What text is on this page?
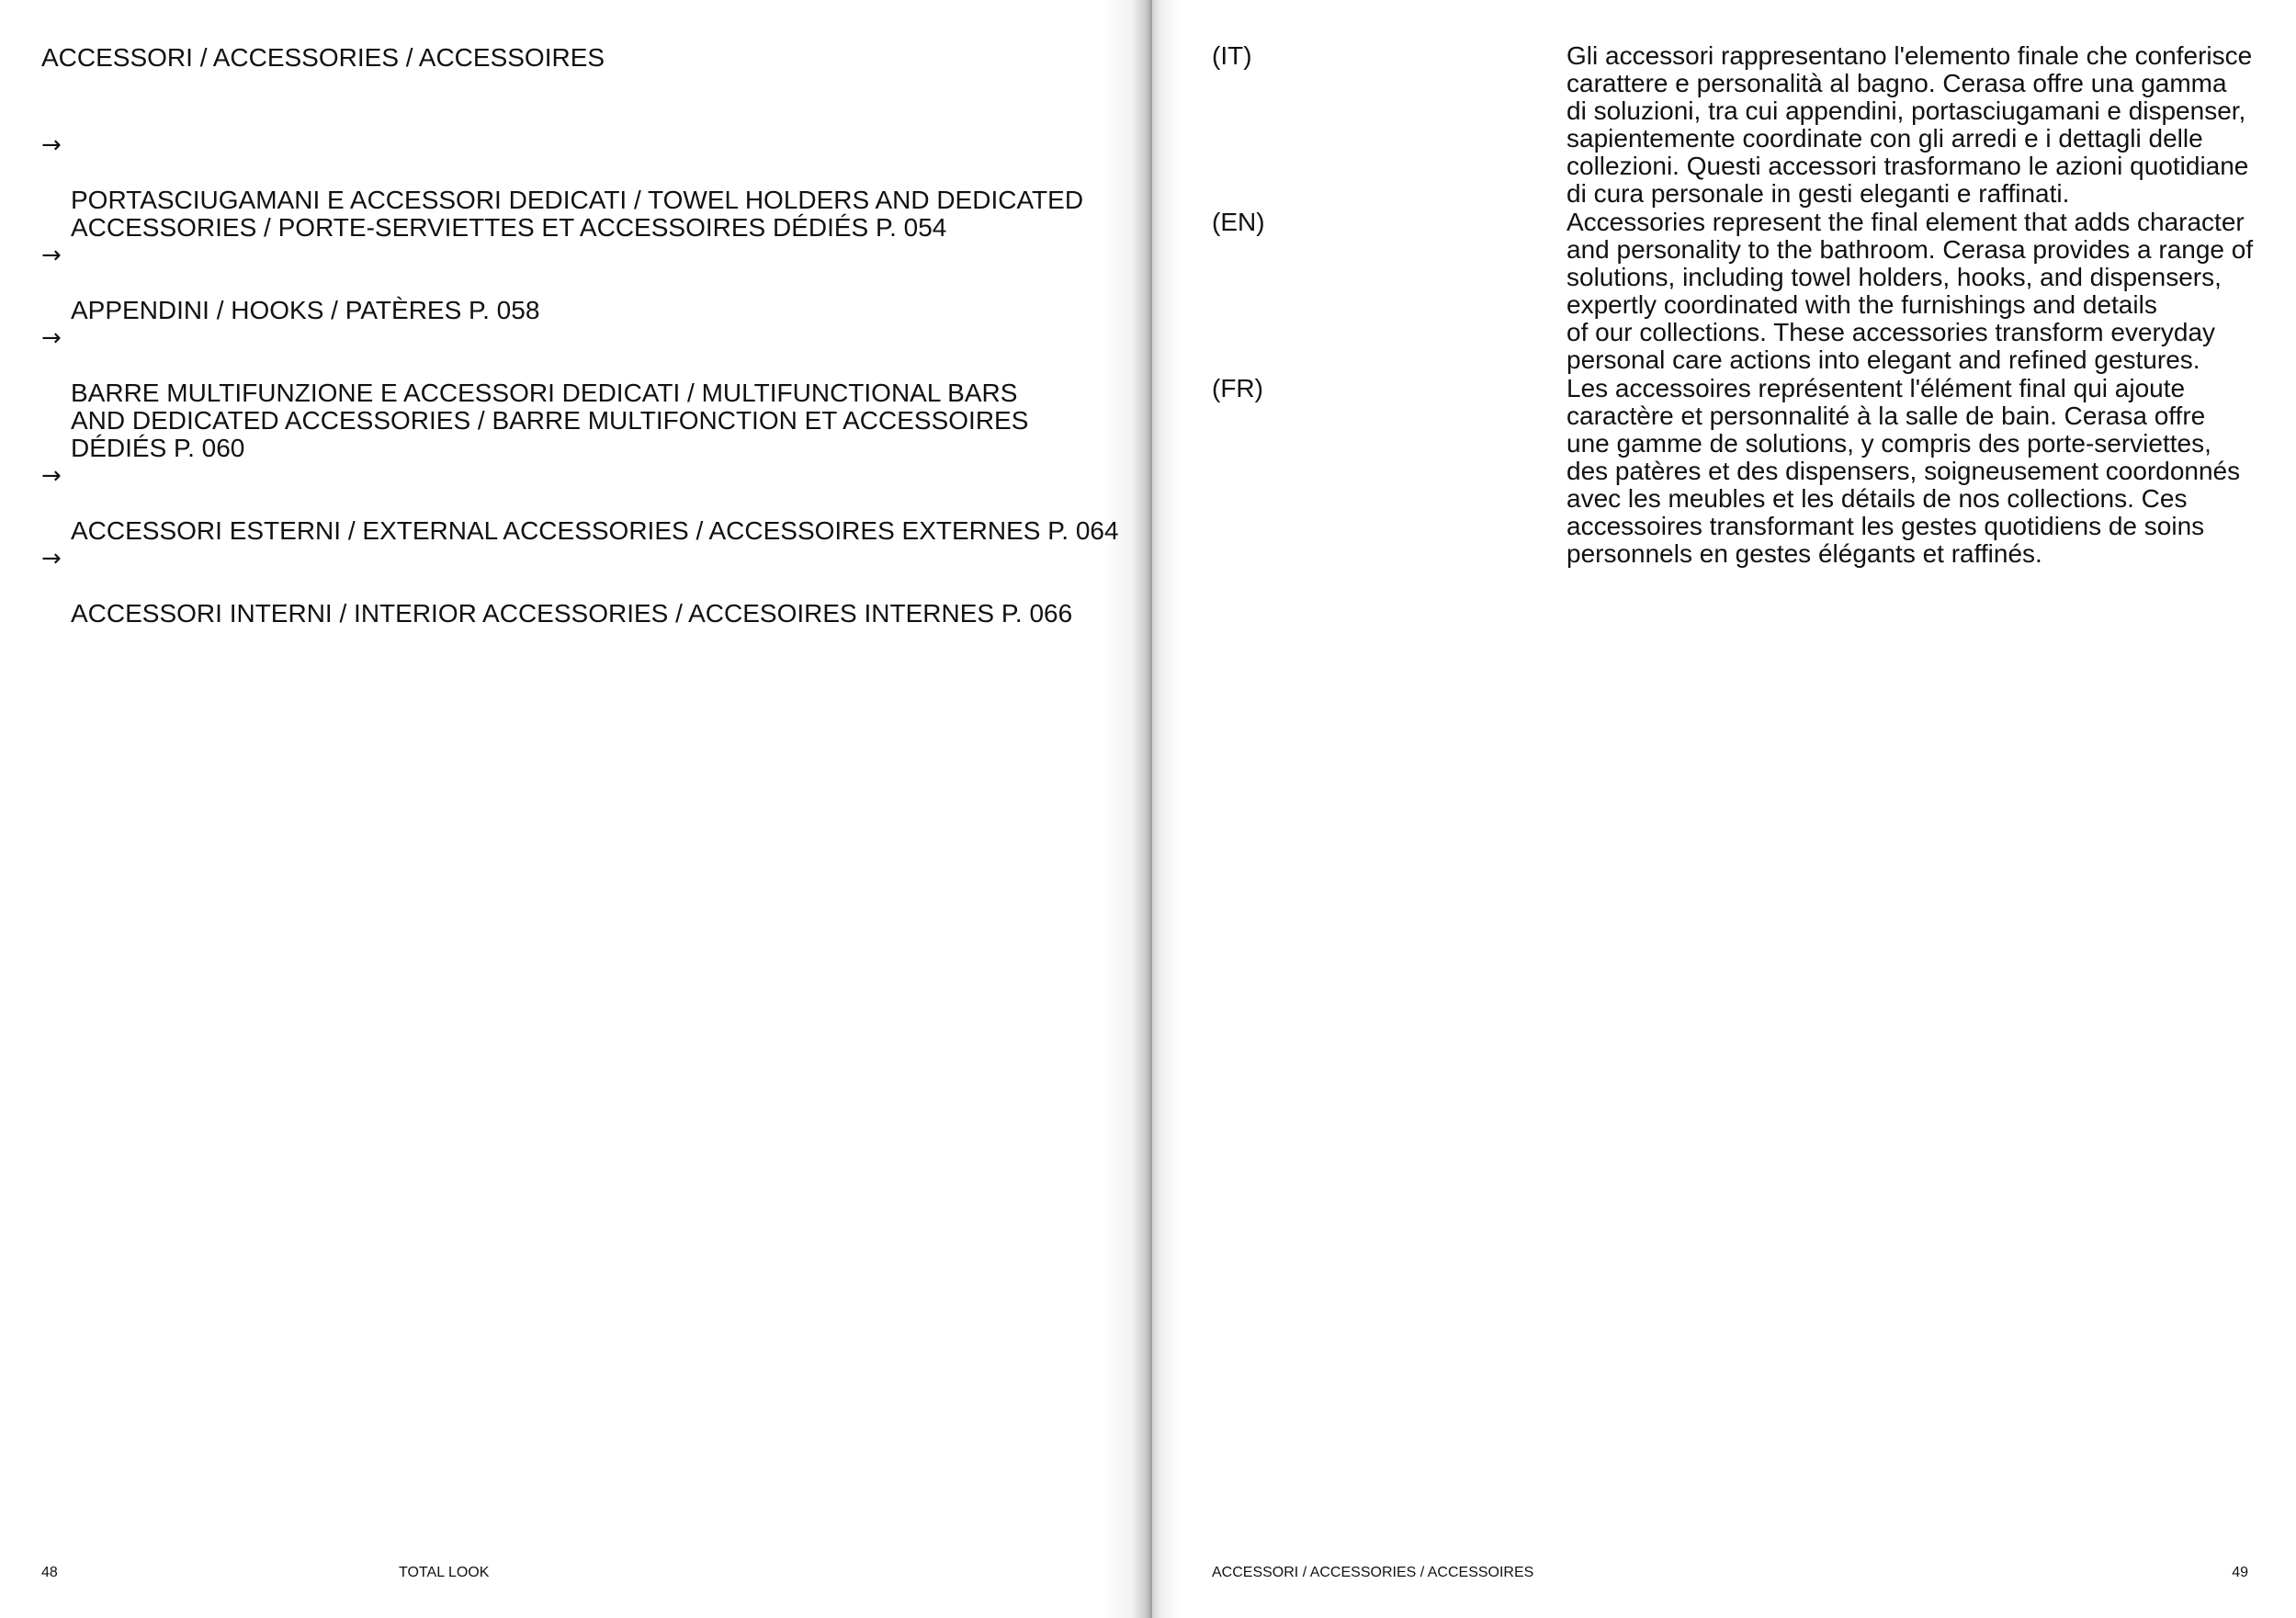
ACCESSORI / ACCESSORIES / ACCESSOIRES

→

PORTASCIUGAMANI E ACCESSORI DEDICATI / TOWEL HOLDERS AND DEDICATED
ACCESSORIES / PORTE-SERVIETTES ET ACCESSOIRES DÉDIÉS P. 054

→

APPENDINI / HOOKS / PATÈRES P. 058

→

BARRE MULTIFUNZIONE E ACCESSORI DEDICATI / MULTIFUNCTIONAL BARS
AND DEDICATED ACCESSORIES / BARRE MULTIFONCTION ET ACCESSOIRES
DÉDIÉS P. 060

→

ACCESSORI ESTERNI / EXTERNAL ACCESSORIES / ACCESSOIRES EXTERNES P. 064

→

ACCESSORI INTERNI / INTERIOR ACCESSORIES / ACCESOIRES INTERNES P. 066

48	TOTAL LOOK
(IT)	Gli accessori rappresentano l'elemento finale che conferisce
carattere e personalità al bagno. Cerasa offre una gamma
di soluzioni, tra cui appendini, portasciugamani e dispenser,
sapientemente coordinate con gli arredi e i dettagli delle
collezioni. Questi accessori trasformano le azioni quotidiane
di cura personale in gesti eleganti e raffinati.
(EN)	Accessories represent the final element that adds character
and personality to the bathroom. Cerasa provides a range of
solutions, including towel holders, hooks, and dispensers,
expertly coordinated with the furnishings and details
of our collections. These accessories transform everyday
personal care actions into elegant and refined gestures.
(FR)	Les accessoires représentent l'élément final qui ajoute
caractère et personnalité à la salle de bain. Cerasa offre
une gamme de solutions, y compris des porte-serviettes,
des patères et des dispensers, soigneusement coordonnés
avec les meubles et les détails de nos collections. Ces
accessoires transformant les gestes quotidiens de soins
personnels en gestes élégants et raffinés.
ACCESSORI / ACCESSORIES / ACCESSOIRES	49
